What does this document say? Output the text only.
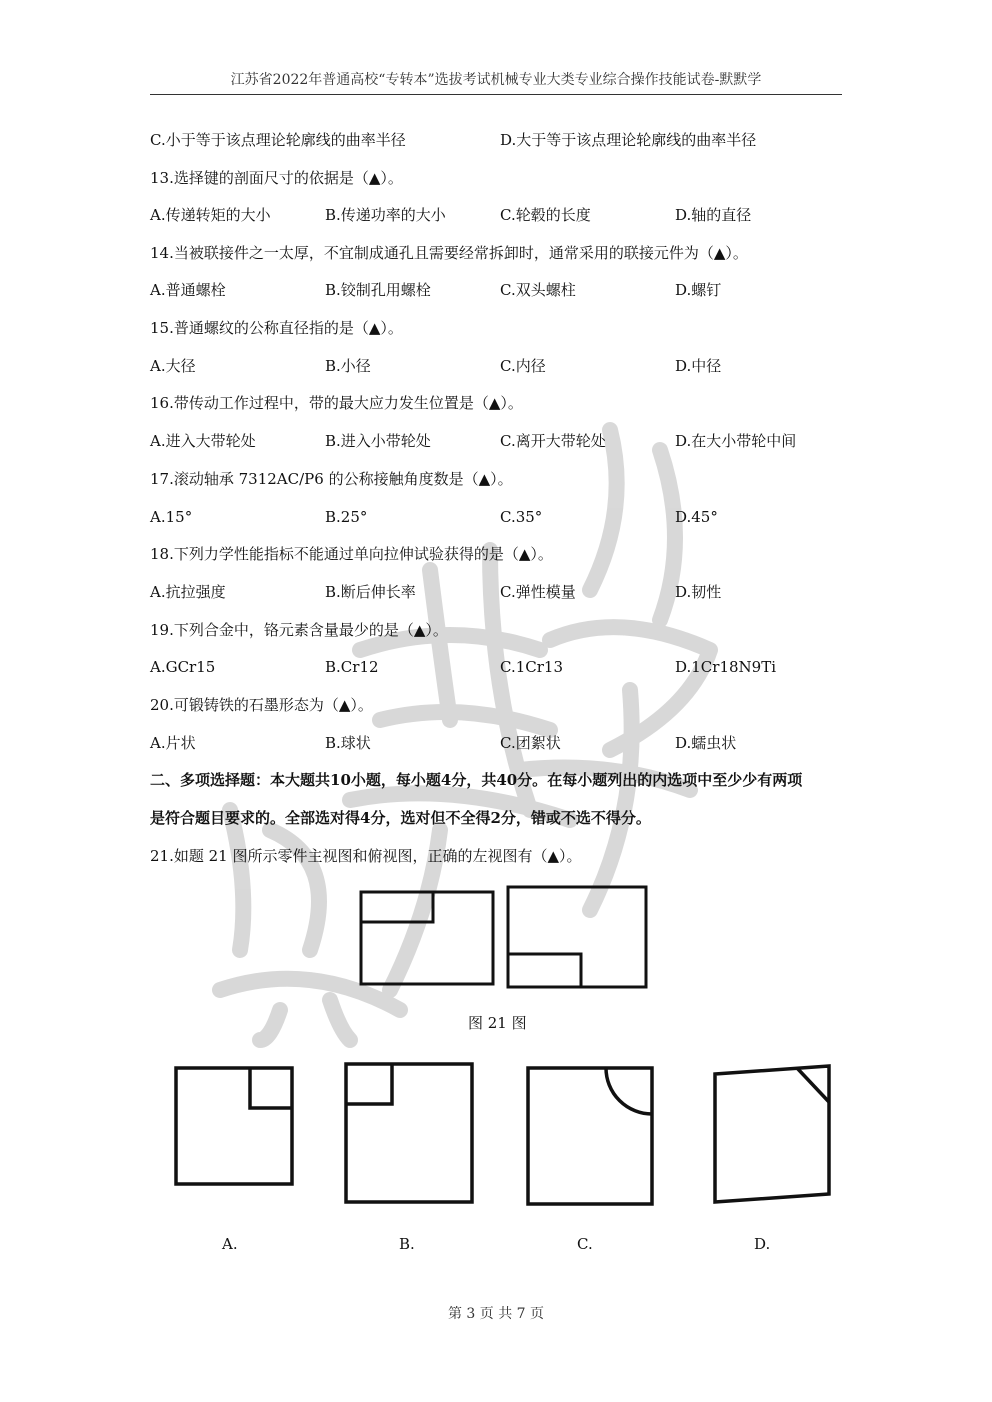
江苏省2022年普通高校“专转本”选拔考试机械专业大类专业综合操作技能试卷-默默学
C.小于等于该点理论轮廓线的曲率半径	D.大于等于该点理论轮廓线的曲率半径
13.选择键的剖面尺寸的依据是（▲）。
A.传递转矩的大小	B.传递功率的大小	C.轮毂的长度	D.轴的直径
14.当被联接件之一太厚，不宜制成通孔且需要经常拆卸时，通常采用的联接元件为（▲）。
A.普通螺栓	B.铰制孔用螺栓	C.双头螺柱	D.螺钉
15.普通螺纹的公称直径指的是（▲）。
A.大径	B.小径	C.内径	D.中径
16.带传动工作过程中，带的最大应力发生位置是（▲）。
A.进入大带轮处	B.进入小带轮处	C.离开大带轮处	D.在大小带轮中间
17.滚动轴承 7312AC/P6 的公称接触角度数是（▲）。
A.15°	B.25°	C.35°	D.45°
18.下列力学性能指标不能通过单向拉伸试验获得的是（▲）。
A.抗拉强度	B.断后伸长率	C.弹性模量	D.韧性
19.下列合金中，铬元素含量最少的是（▲）。
A.GCr15	B.Cr12	C.1Cr13	D.1Cr18N9Ti
20.可锻铸铁的石墨形态为（▲）。
A.片状	B.球状	C.团絮状	D.蠕虫状
二、多项选择题：本大题共10小题，每小题4分，共40分。在每小题列出的内选项中至少少有两项
是符合题目要求的。全部选对得4分，选对但不全得2分，错或不选不得分。
21.如题 21 图所示零件主视图和俯视图，正确的左视图有（▲）。
图 21 图
A.	B.	C.	D.
第 3 页 共 7 页
